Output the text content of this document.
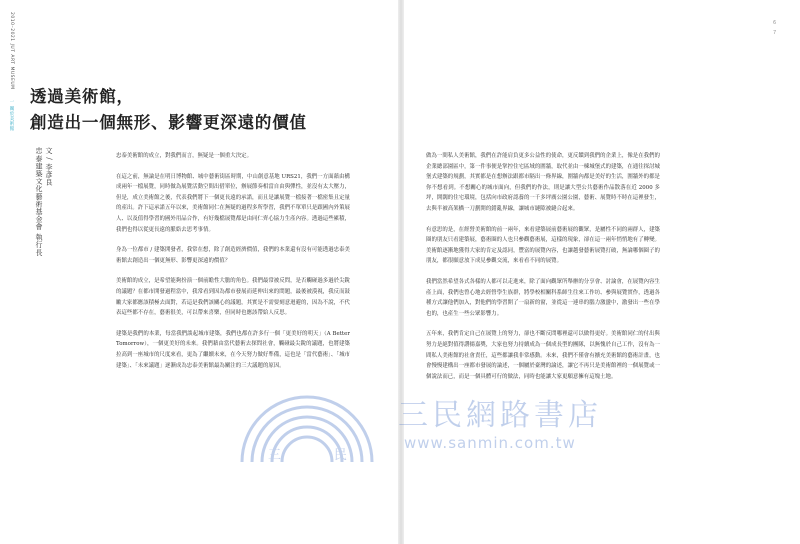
2010–2021 JUT ART MUSEUM 一 關於美術館
6
7
透過美術館，
創造出一個無形、影響更深遠的價值
文 / 李彥良
忠泰建築文化藝術基金會 執行長	忠泰美術館的成立，對我們而言，無疑是一個重大決定。

在這之前，無論是在明日博物館、城中藝術街區時期，中山創意基地 URS21，我們一方面藉由構成兩年一檔展覽，同時做為展覽活動空間出借單位，辦展節奏相當自由與彈性，並沒有太大壓力，但是，成立美術館之後，代表我們將下一個更長遠的承諾，而且是讓展覽一檔接著一檔密集且定量的產出。許下這承諾五年以來，美術館同仁在無疑的過程多所學習，我們不單單只是跟國內外策展人、以及值得學習的國外用品合作，有好幾檔展覽都是由同仁齊心協力生產內容。透過這些累積，我們也得以從更長遠的脈絡去思考事情。

身為一位都市 / 建築開發者，我常在想，除了創造經濟價值，我們的本業還有沒有可能透過忠泰美術館去創造出一個更無形、影響更深遠的價值？

美術館的成立，是希望能夠扮演一個前瞻性大膽的角色。我們最常被反問，是否觸碰過多過於尖銳的議題？在都市開發過程當中，我常看到因為都市發展而延伸出來的問題，最後被漠視，我反而鼓勵大家都應該積極去面對，若這是我們該關心的議題，其實是不需要刻意迴避的，因為不說，不代表這些都不存在，藝術很美，可以帶來喜樂，但同時也應該帶給人反思。

建築是我們的本業，每當我們談起城市建築，我們也都在許多行一個「更美好的明天」（A Better Tomorrow），一個更美好的未來。我們藉由當代藝術去探問社會，觸碰最尖銳的議題，也將建築拉高到一座城市的尺度來看，更為了繼續未來，在今天努力做好準備，這也是「當代藝術」、「城市建築」、「未來議題」逐漸成為忠泰美術館最為關注的三大議題的原因。

做為一間私人美術館，我們在許能肩負更多公益性的使命，更反饋到我們的企業上，像是在我們的企業總部園區中，第一件事便是掌控住宅區域的圍牆，取代並由一棟城堡式的建築，在通往探討城堡式建築的規劃，其實都是在想辦法跟都市隔出一條界線，圍牆內都是美好的生活，圍牆外的都是你不想看到。不想關心的城市面向，但我們的作法，則是讓大型公共藝術作品散落在近 2000 多坪，開闊的住宅環境，包括向市政府認養的一千多坪廣公園公園，藝術、展覽時不時在這裡發生，去與半被高架橋一刀劃開的錯亂界線，讓城市縫隙被縫合起來。

有意思的是，在經營美術館的前一兩年，來看建築展前藝術展的觀眾，是屬性不同的兩群人，建築圈的朋友只看建築展，藝術圈的人也只參觀藝術展，這樣的現象，卻在這一兩年悄悄地有了轉變。美術館逐漸地獲得大家的肯定及認同，豐富的展覽內容，也讓越發藝術展覽打破，無論哪個圈子的朋友，都很願意放下成見參觀交流，來看看不同的展覽。

我們當然希望各式各樣的人都可以走進來，除了面向觀眾所舉辦的分享會、討論會，在展覽內容生產上面，我們也曾心地去經營學生族群，將學校相關科系師生往來工作坊、參與展覽實作，透過各種方式讓他們加入，對他們的學習開了一扇新的窗，並從這一連串的腦力激盪中，激發出一些在學也的，也產生一些公眾影響力。

五年來，我們肯定自己在展覽上的努力，卻也不斷反問哪裡還可以做得更好。美術館同仁的付出與努力是絕對值得讚揚嘉獎，大家也努力持續成為一個成長型的團隊，以無愧於自己工作，沒有為一間私人美術館的社會責任，這些都讓我非常感動。未來，我們不僅會有擴充美術館的藝術計畫，也會慢慢建構出一座都市發展的論述，一個屬於臺灣的論述，讓它不再只是美術館裡的一個展覽或一個說法而已，而是一個具體可行的做法，同時也能讓大家更願意擁有這塊土地。

三	民
三民網路書店
www.sanmin.com.tw
